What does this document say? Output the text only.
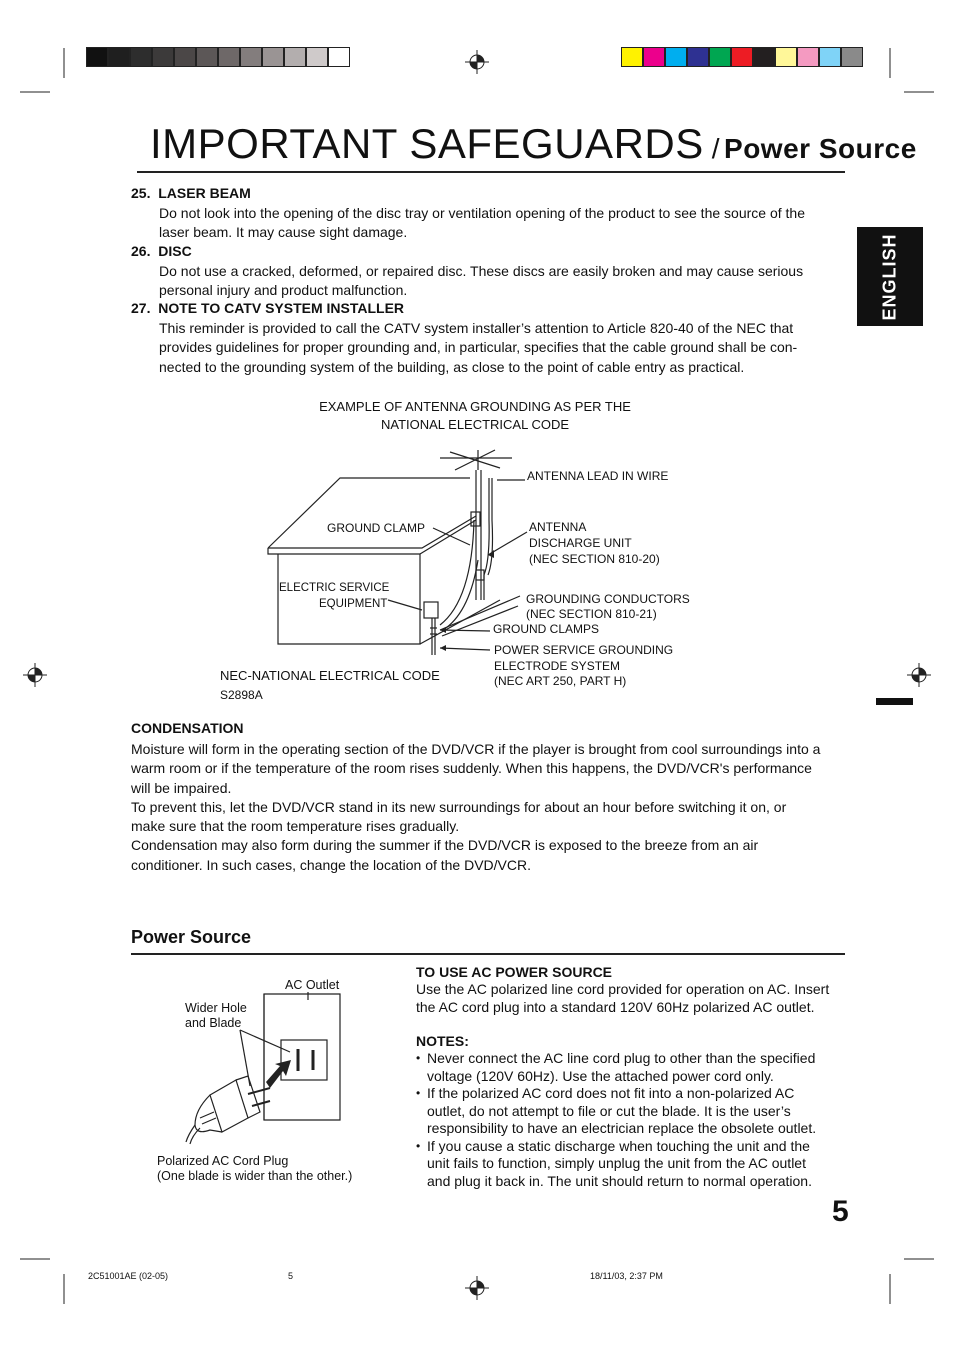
IMPORTANT SAFEGUARDS / Power Source
ENGLISH
25. LASER BEAM
Do not look into the opening of the disc tray or ventilation opening of the product to see the source of the
laser beam. It may cause sight damage.
26. DISC
Do not use a cracked, deformed, or repaired disc. These discs are easily broken and may cause serious
personal injury and product malfunction.
27. NOTE TO CATV SYSTEM INSTALLER
This reminder is provided to call the CATV system installer’s attention to Article 820-40 of the NEC that
provides guidelines for proper grounding and, in particular, specifies that the cable ground shall be con-
nected to the grounding system of the building, as close to the point of cable entry as practical.
EXAMPLE OF ANTENNA GROUNDING AS PER THE
NATIONAL ELECTRICAL CODE
ANTENNA LEAD IN WIRE
GROUND CLAMP	ANTENNA
DISCHARGE UNIT
(NEC SECTION 810-20)
ELECTRIC SERVICE
EQUIPMENT	GROUNDING CONDUCTORS
(NEC SECTION 810-21)
GROUND CLAMPS
POWER SERVICE GROUNDING
ELECTRODE SYSTEM
(NEC ART 250, PART H)
NEC-NATIONAL ELECTRICAL CODE
S2898A
CONDENSATION
Moisture will form in the operating section of the DVD/VCR if the player is brought from cool surroundings into a
warm room or if the temperature of the room rises suddenly. When this happens, the DVD/VCR's performance
will be impaired.
To prevent this, let the DVD/VCR stand in its new surroundings for about an hour before switching it on, or
make sure that the room temperature rises gradually.
Condensation may also form during the summer if the DVD/VCR is exposed to the breeze from an air
conditioner. In such cases, change the location of the DVD/VCR.
Power Source
AC Outlet
Wider Hole
and Blade
Polarized AC Cord Plug
(One blade is wider than the other.)
TO USE AC POWER SOURCE
Use the AC polarized line cord provided for operation on AC. Insert
the AC cord plug into a standard 120V 60Hz polarized AC outlet.
NOTES:
• Never connect the AC line cord plug to other than the specified
voltage (120V 60Hz). Use the attached power cord only.
• If the polarized AC cord does not fit into a non-polarized AC
outlet, do not attempt to file or cut the blade. It is the user’s
responsibility to have an electrician replace the obsolete outlet.
• If you cause a static discharge when touching the unit and the
unit fails to function, simply unplug the unit from the AC outlet
and plug it back in. The unit should return to normal operation.
5
2C51001AE (02-05)	5	18/11/03, 2:37 PM
